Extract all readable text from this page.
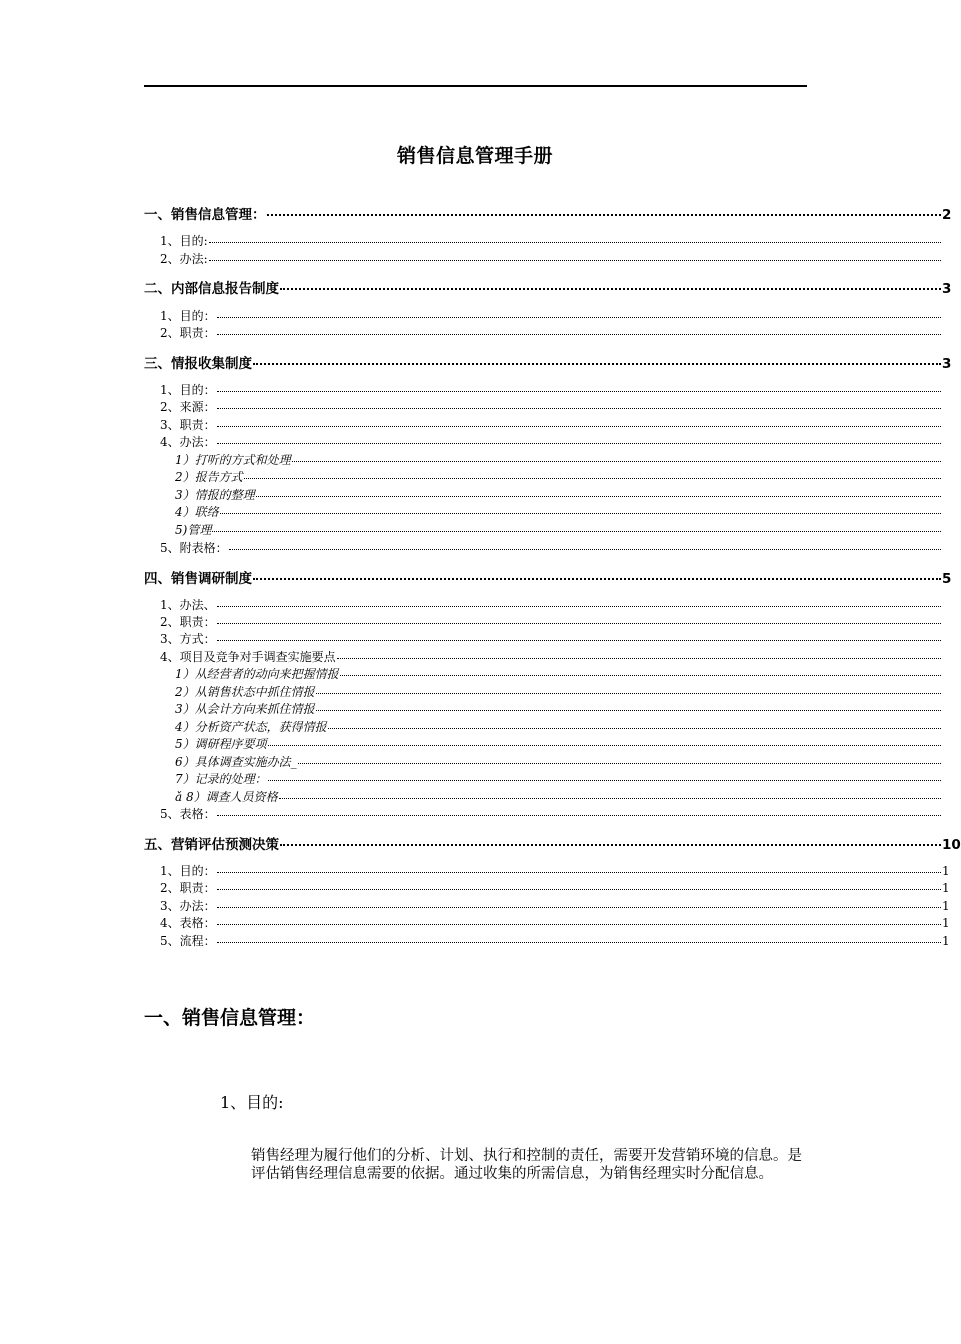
销售信息管理手册
一、销售信息管理：	2
1、目的:
2、办法:
二、内部信息报告制度	3
1、目的：
2、职责：
三、情报收集制度	3
1、目的：
2、来源：
3、职责：
4、办法：
1）打听的方式和处理
2）报告方式
3）情报的整理
4）联络
5)管理
5、附表格：
四、销售调研制度	5
1、办法、
2、职责：
3、方式：
4、项目及竞争对手调查实施要点
1）从经营者的动向来把握情报
2）从销售状态中抓住情报
3）从会计方向来抓住情报
4）分析资产状态，获得情报
5）调研程序要项
6）具体调查实施办法_
7）记录的处理：
ǎ 8）调查人员资格
5、表格：
五、营销评估预测决策	10
1、目的：	1
2、职责：	1
3、办法：	1
4、表格：	1
5、流程：	1
一、销售信息管理：
1、目的:
销售经理为履行他们的分析、计划、执行和控制的责任，需要开发营销环境的信息。是评估销售经理信息需要的依据。通过收集的所需信息，为销售经理实时分配信息。
